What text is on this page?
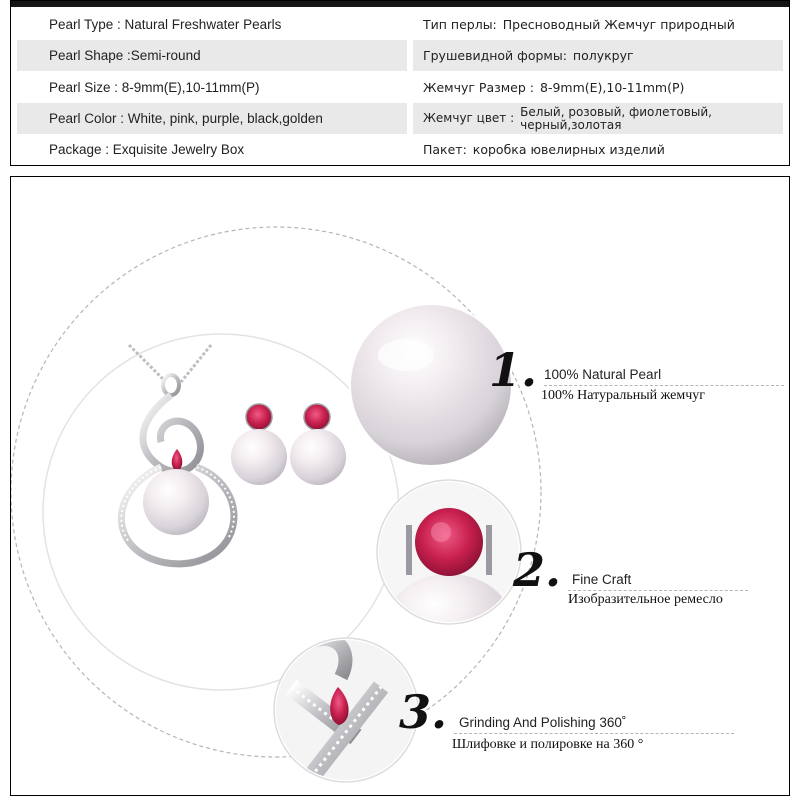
Pearl Type : Natural Freshwater Pearls	Тип перлы: Пресноводный Жемчуг природный
Pearl Shape :Semi-round	Грушевидной формы: полукруг
Pearl Size : 8-9mm(E),10-11mm(P)	Жемчуг Размер : 8-9mm(E),10-11mm(P)
Pearl Color : White, pink, purple, black,golden	Жемчуг цвет : Белый, розовый, фиолетовый, черный,золотая
Package : Exquisite Jewelry Box	Пакет: коробка ювелирных изделий
1. 100% Natural Pearl
100% Натуральный жемчуг
2. Fine Craft
Изобразительное ремесло
3. Grinding And Polishing 360˚
Шлифовке и полировке на 360 °
